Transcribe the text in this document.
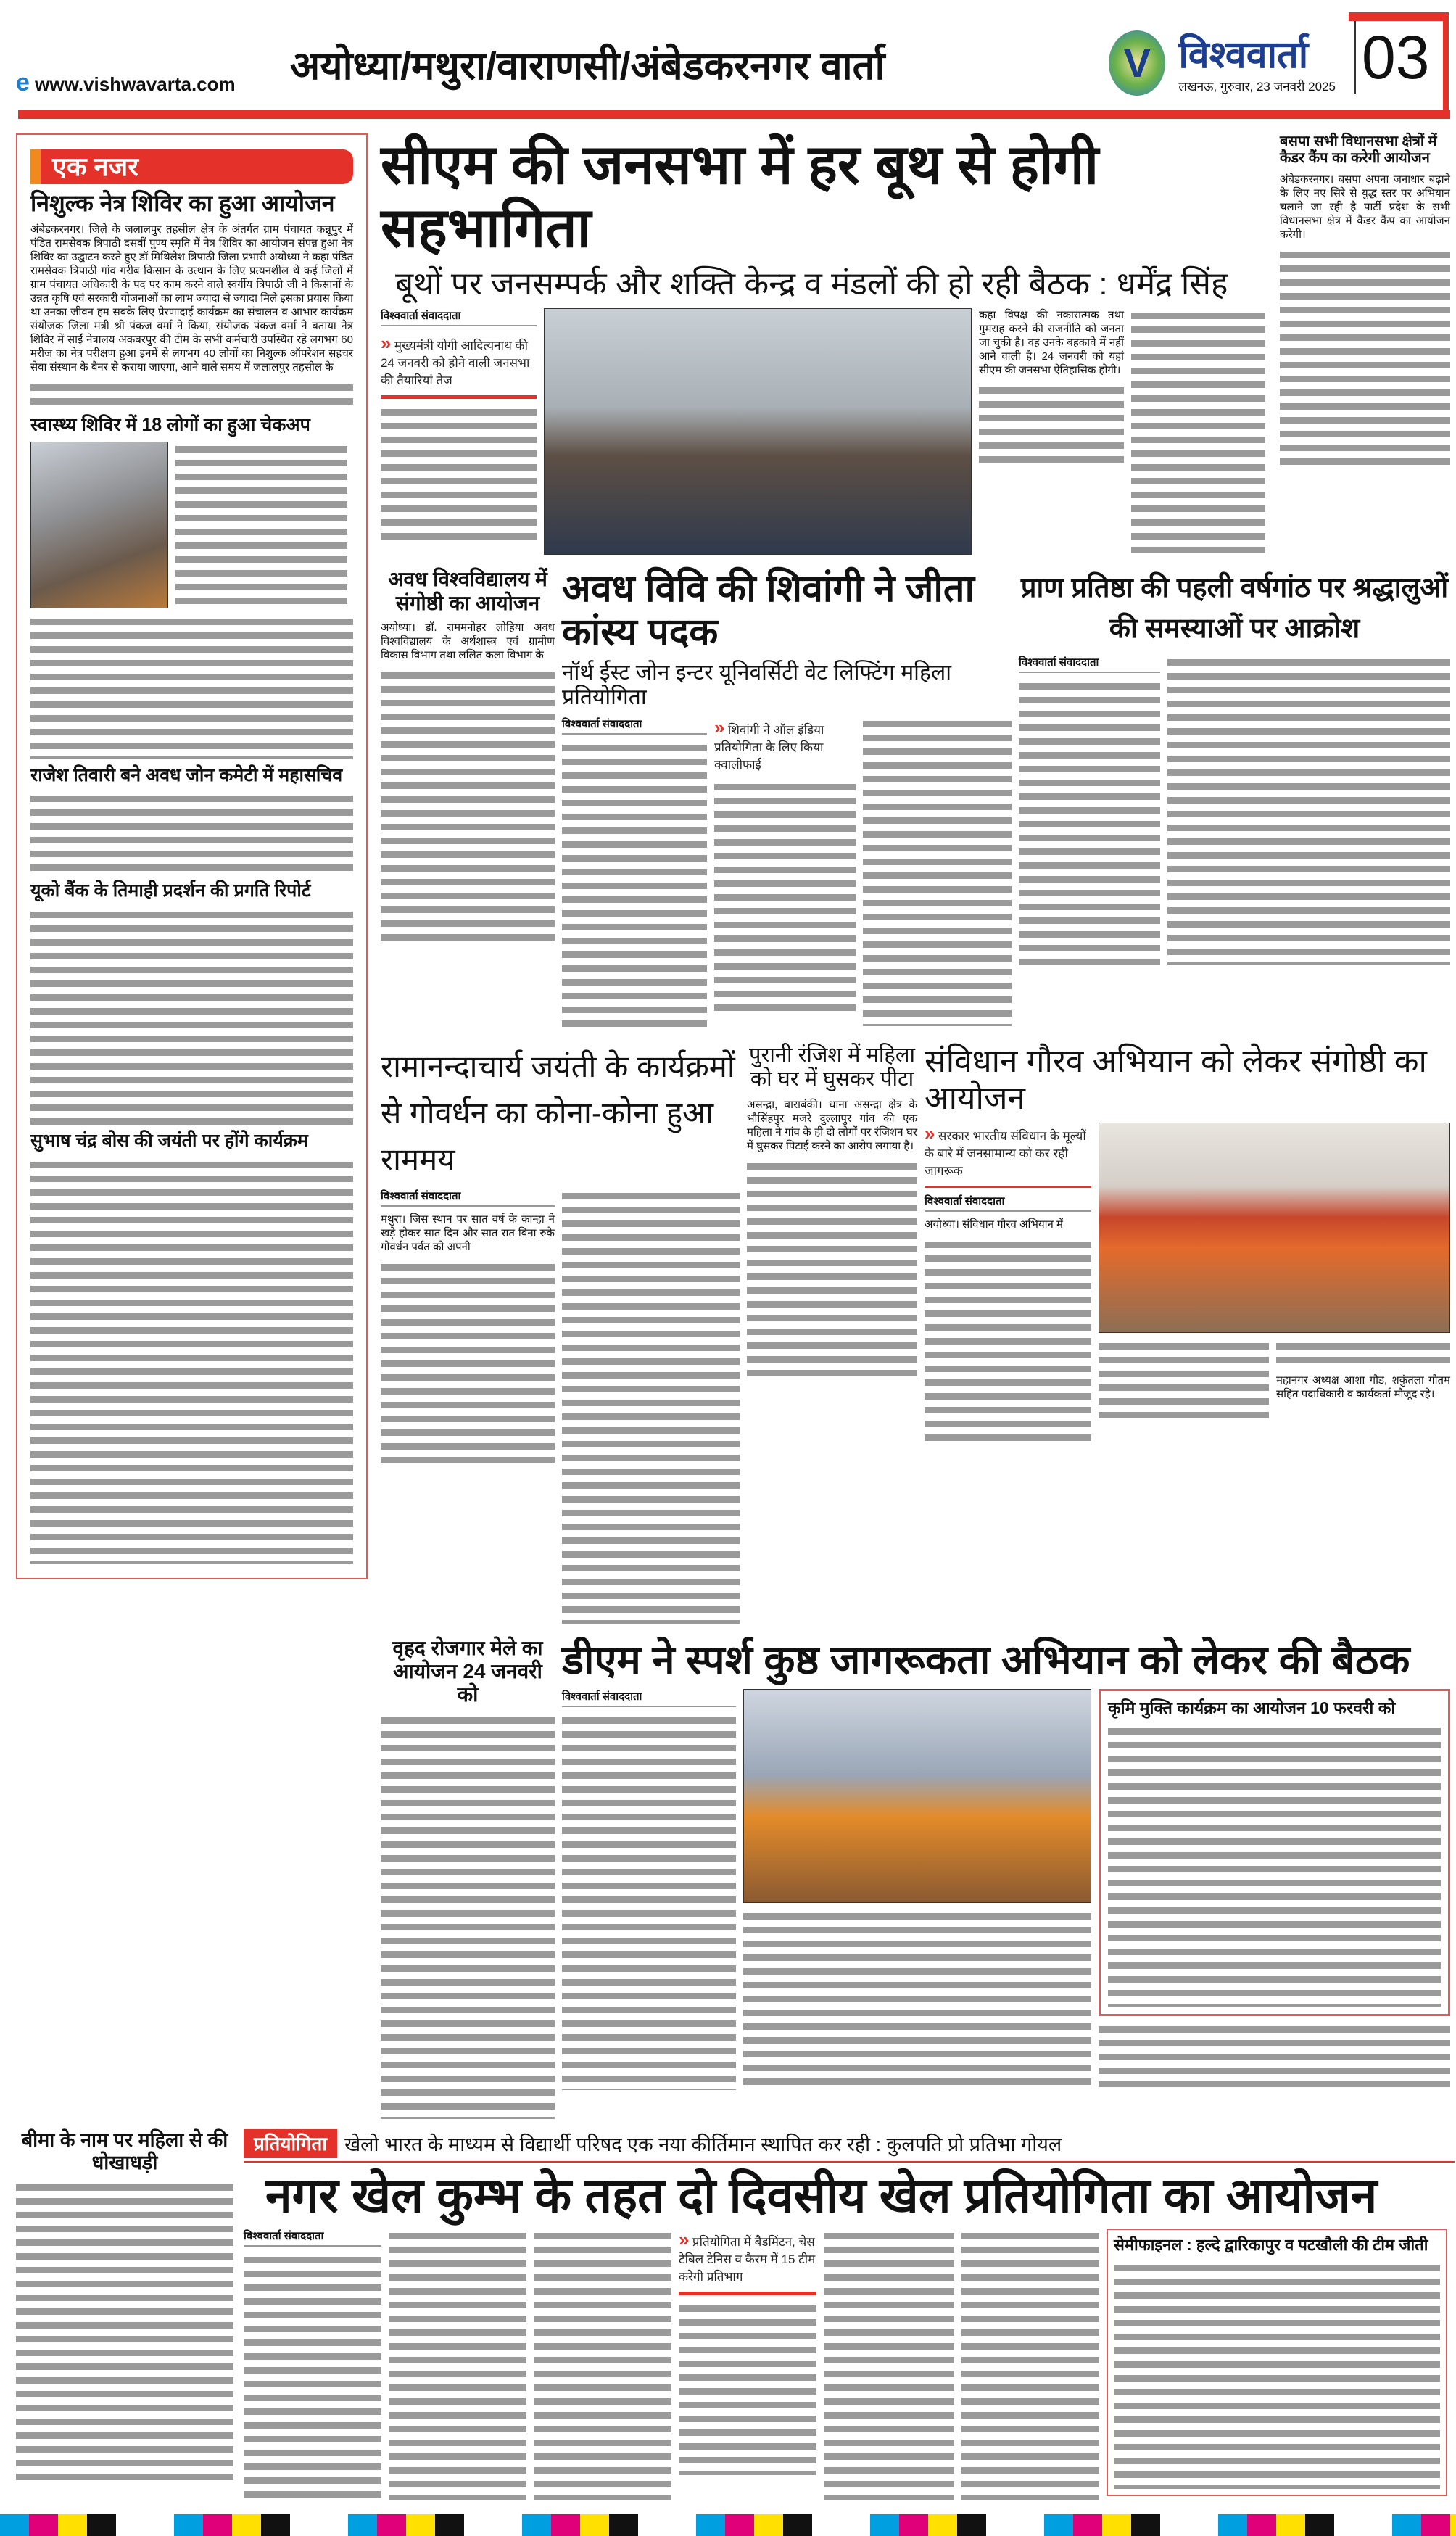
e www.vishwavarta.com	अयोध्या/मथुरा/वाराणसी/अंबेडकरनगर वार्ता	V विश्ववार्ता
लखनऊ, गुरुवार, 23 जनवरी 2025 03
एक नजर
निशुल्क नेत्र शिविर का हुआ आयोजन
अंबेडकरनगर। जिले के जलालपुर तहसील क्षेत्र के अंतर्गत ग्राम पंचायत कन्नूपुर में पंडित रामसेवक त्रिपाठी दसवीं पुण्य स्मृति में नेत्र शिविर का आयोजन संपन्न हुआ नेत्र शिविर का उद्घाटन करते हुए डॉ मिथिलेश त्रिपाठी जिला प्रभारी अयोध्या ने कहा पंडित रामसेवक त्रिपाठी गांव गरीब किसान के उत्थान के लिए प्रत्यनशील थे कई जिलों में ग्राम पंचायत अधिकारी के पद पर काम करने वाले स्वर्गीय त्रिपाठी जी ने किसानों के उन्नत कृषि एवं सरकारी योजनाओं का लाभ ज्यादा से ज्यादा मिले इसका प्रयास किया था उनका जीवन हम सबके लिए प्रेरणादाई कार्यक्रम का संचालन व आभार कार्यक्रम संयोजक जिला मंत्री श्री पंकज वर्मा ने किया, संयोजक पंकज वर्मा ने बताया नेत्र शिविर में साईं नेत्रालय अकबरपुर की टीम के सभी कर्मचारी उपस्थित रहे लगभग 60 मरीज का नेत्र परीक्षण हुआ इनमें से लगभग 40 लोगों का निशुल्क ऑपरेशन सहचर सेवा संस्थान के बैनर से कराया जाएगा, आने वाले समय में जलालपुर तहसील के
स्वास्थ्य शिविर में 18 लोगों का हुआ चेकअप
राजेश तिवारी बने अवध जोन कमेटी में महासचिव
यूको बैंक के तिमाही प्रदर्शन की प्रगति रिपोर्ट
सुभाष चंद्र बोस की जयंती पर होंगे कार्यक्रम
सीएम की जनसभा में हर बूथ से होगी सहभागिता
बूथों पर जनसम्पर्क और शक्ति केन्द्र व मंडलों की हो रही बैठक : धर्मेंद्र सिंह
विश्ववार्ता संवाददाता
» मुख्यमंत्री योगी आदित्यनाथ की 24 जनवरी को होने वाली जनसभा की तैयारियां तेज
कहा विपक्ष की नकारात्मक तथा गुमराह करने की राजनीति को जनता जा चुकी है। वह उनके बहकावे में नहीं आने वाली है। 24 जनवरी को यहां सीएम की जनसभा ऐतिहासिक होगी।
बसपा सभी विधानसभा क्षेत्रों में कैडर कैंप का करेगी आयोजन
अंबेडकरनगर। बसपा अपना जनाधार बढ़ाने के लिए नए सिरे से युद्ध स्तर पर अभियान चलाने जा रही है पार्टी प्रदेश के सभी विधानसभा क्षेत्र में कैडर कैंप का आयोजन करेगी।
अवध विश्वविद्यालय में संगोष्ठी का आयोजन
अयोध्या। डॉ. राममनोहर लोहिया अवध विश्वविद्यालय के अर्थशास्त्र एवं ग्रामीण विकास विभाग तथा ललित कला विभाग के
अवध विवि की शिवांगी ने जीता कांस्य पदक
नॉर्थ ईस्ट जोन इन्टर यूनिवर्सिटी वेट लिफ्टिंग महिला प्रतियोगिता
विश्ववार्ता संवाददाता	» शिवांगी ने ऑल इंडिया प्रतियोगिता के लिए किया क्वालीफाई
प्राण प्रतिष्ठा की पहली वर्षगांठ पर श्रद्धालुओं की समस्याओं पर आक्रोश
विश्ववार्ता संवाददाता
रामानन्दाचार्य जयंती के कार्यक्रमों से गोवर्धन का कोना-कोना हुआ राममय
विश्ववार्ता संवाददाता
मथुरा। जिस स्थान पर सात वर्ष के कान्हा ने खड़े होकर सात दिन और सात रात बिना रुके गोवर्धन पर्वत को अपनी
पुरानी रंजिश में महिला को घर में घुसकर पीटा
असन्द्रा, बाराबंकी। थाना असन्द्रा क्षेत्र के भौसिंहपुर मजरे दुल्लापुर गांव की एक महिला ने गांव के ही दो लोगों पर रंजिशन घर में घुसकर पिटाई करने का आरोप लगाया है।
संविधान गौरव अभियान को लेकर संगोष्ठी का आयोजन
» सरकार भारतीय संविधान के मूल्यों के बारे में जनसामान्य को कर रही जागरूक
विश्ववार्ता संवाददाता
अयोध्या। संविधान गौरव अभियान में
महानगर अध्यक्ष आशा गौड, शकुंतला गौतम सहित पदाधिकारी व कार्यकर्ता मौजूद रहे।
वृहद रोजगार मेले का आयोजन 24 जनवरी को
डीएम ने स्पर्श कुष्ठ जागरूकता अभियान को लेकर की बैठक
विश्ववार्ता संवाददाता
कृमि मुक्ति कार्यक्रम का आयोजन 10 फरवरी को
बीमा के नाम पर महिला से की धोखाधड़ी
प्रतियोगिता खेलो भारत के माध्यम से विद्यार्थी परिषद एक नया कीर्तिमान स्थापित कर रही : कुलपति प्रो प्रतिभा गोयल
नगर खेल कुम्भ के तहत दो दिवसीय खेल प्रतियोगिता का आयोजन
विश्ववार्ता संवाददाता	» प्रतियोगिता में बैडमिंटन, चेस टेबिल टेनिस व कैरम में 15 टीम करेगी प्रतिभाग
सेमीफाइनल : हल्दे द्वारिकापुर व पटखौली की टीम जीती
